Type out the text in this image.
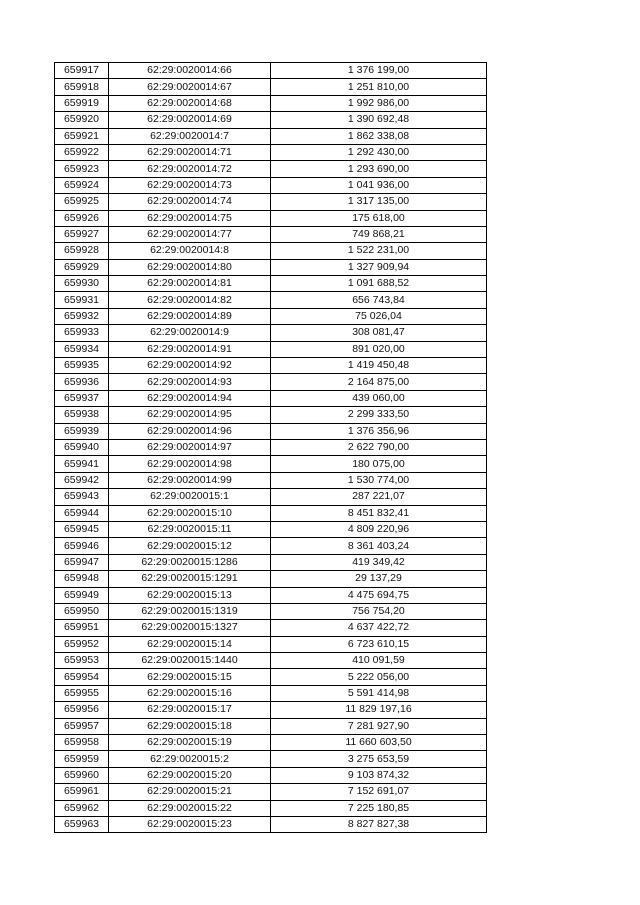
659917	62:29:0020014:66	1 376 199,00
659918	62:29:0020014:67	1 251 810,00
659919	62:29:0020014:68	1 992 986,00
659920	62:29:0020014:69	1 390 692,48
659921	62:29:0020014:7	1 862 338,08
659922	62:29:0020014:71	1 292 430,00
659923	62:29:0020014:72	1 293 690,00
659924	62:29:0020014:73	1 041 936,00
659925	62:29:0020014:74	1 317 135,00
659926	62:29:0020014:75	175 618,00
659927	62:29:0020014:77	749 868,21
659928	62:29:0020014:8	1 522 231,00
659929	62:29:0020014:80	1 327 909,94
659930	62:29:0020014:81	1 091 688,52
659931	62:29:0020014:82	656 743,84
659932	62:29:0020014:89	75 026,04
659933	62:29:0020014:9	308 081,47
659934	62:29:0020014:91	891 020,00
659935	62:29:0020014:92	1 419 450,48
659936	62:29:0020014:93	2 164 875,00
659937	62:29:0020014:94	439 060,00
659938	62:29:0020014:95	2 299 333,50
659939	62:29:0020014:96	1 376 356,96
659940	62:29:0020014:97	2 622 790,00
659941	62:29:0020014:98	180 075,00
659942	62:29:0020014:99	1 530 774,00
659943	62:29:0020015:1	287 221,07
659944	62:29:0020015:10	8 451 832,41
659945	62:29:0020015:11	4 809 220,96
659946	62:29:0020015:12	8 361 403,24
659947	62:29:0020015:1286	419 349,42
659948	62:29:0020015:1291	29 137,29
659949	62:29:0020015:13	4 475 694,75
659950	62:29:0020015:1319	756 754,20
659951	62:29:0020015:1327	4 637 422,72
659952	62:29:0020015:14	6 723 610,15
659953	62:29:0020015:1440	410 091,59
659954	62:29:0020015:15	5 222 056,00
659955	62:29:0020015:16	5 591 414,98
659956	62:29:0020015:17	11 829 197,16
659957	62:29:0020015:18	7 281 927,90
659958	62:29:0020015:19	11 660 603,50
659959	62:29:0020015:2	3 275 653,59
659960	62:29:0020015:20	9 103 874,32
659961	62:29:0020015:21	7 152 691,07
659962	62:29:0020015:22	7 225 180,85
659963	62:29:0020015:23	8 827 827,38
